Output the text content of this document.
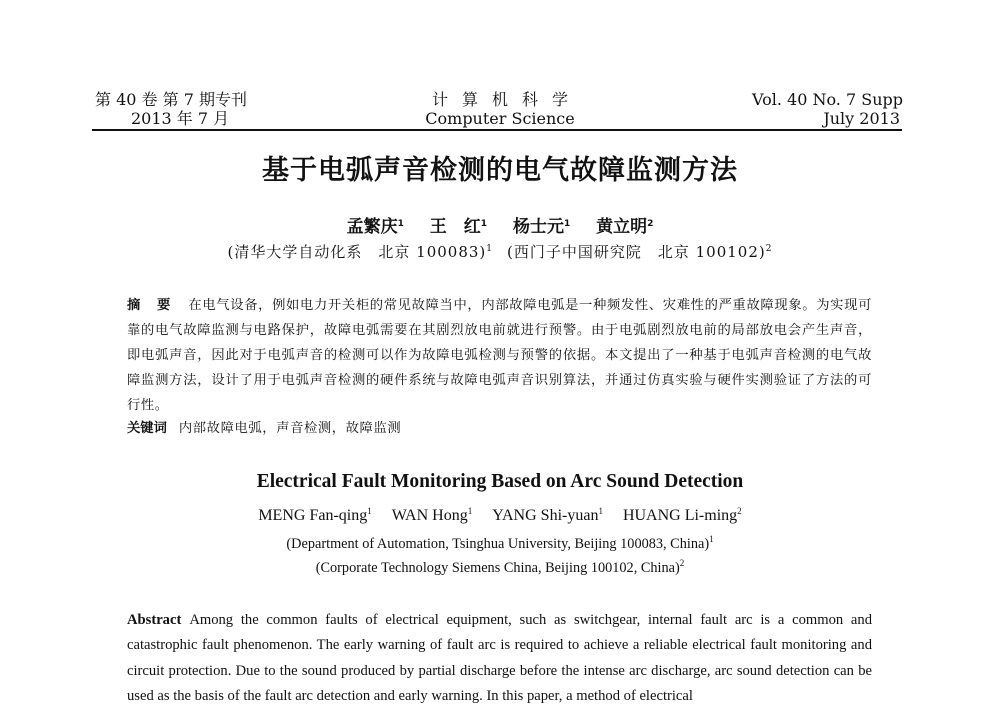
第 40 卷 第 7 期专刊
2013 年 7 月
计算机科学
Computer Science
Vol. 40 No. 7 Supp
July 2013
基于电弧声音检测的电气故障监测方法
孟繁庆$^1$ 王　红$^1$ 杨士元$^1$ 黄立明$^2$
(清华大学自动化系　北京 100083)$^1$ (西门子中国研究院　北京 100102)$^2$
摘 要 在电气设备，例如电力开关柜的常见故障当中，内部故障电弧是一种频发性、灾难性的严重故障现象。为实现可靠的电气故障监测与电路保护，故障电弧需要在其剧烈放电前就进行预警。由于电弧剧烈放电前的局部放电会产生声音，即电弧声音，因此对于电弧声音的检测可以作为故障电弧检测与预警的依据。本文提出了一种基于电弧声音检测的电气故障监测方法，设计了用于电弧声音检测的硬件系统与故障电弧声音识别算法，并通过仿真实验与硬件实测验证了方法的可行性。
关键词 内部故障电弧，声音检测，故障监测
Electrical Fault Monitoring Based on Arc Sound Detection
MENG Fan-qing$^1$ WAN Hong$^1$ YANG Shi-yuan$^1$ HUANG Li-ming$^2$
(Department of Automation, Tsinghua University, Beijing 100083, China)$^1$
(Corporate Technology Siemens China, Beijing 100102, China)$^2$
Abstract Among the common faults of electrical equipment, such as switchgear, internal fault arc is a common and catastrophic fault phenomenon. The early warning of fault arc is required to achieve a reliable electrical fault monitoring and circuit protection. Due to the sound produced by partial discharge before the intense arc discharge, arc sound detection can be used as the basis of the fault arc detection and early warning. In this paper, a method of electrical
